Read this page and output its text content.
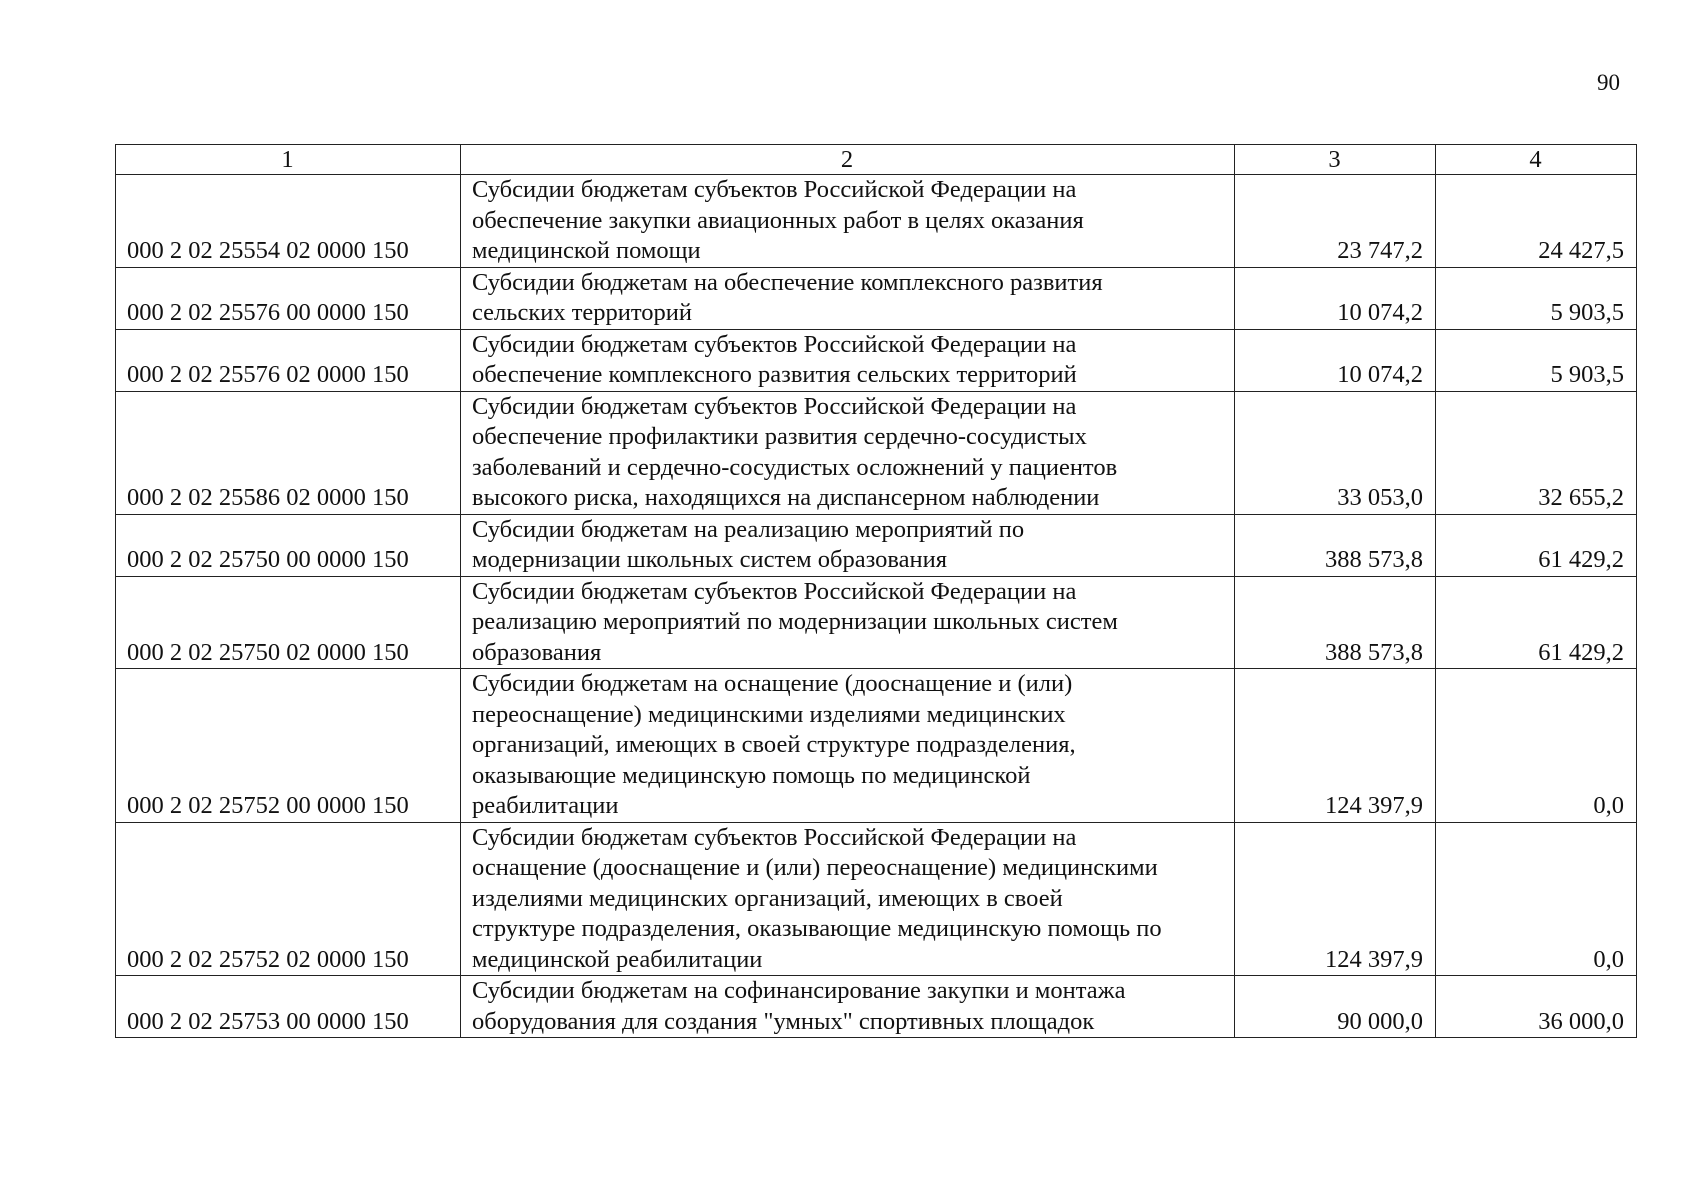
90
1	2	3	4
000 2 02 25554 02 0000 150	Субсидии бюджетам субъектов Российской Федерации на
обеспечение закупки авиационных работ в целях оказания
медицинской помощи	23 747,2	24 427,5
000 2 02 25576 00 0000 150	Субсидии бюджетам на обеспечение комплексного развития
сельских территорий	10 074,2	5 903,5
000 2 02 25576 02 0000 150	Субсидии бюджетам субъектов Российской Федерации на
обеспечение комплексного развития сельских территорий	10 074,2	5 903,5
000 2 02 25586 02 0000 150	Субсидии бюджетам субъектов Российской Федерации на
обеспечение профилактики развития сердечно-сосудистых
заболеваний и сердечно-сосудистых осложнений у пациентов
высокого риска, находящихся на диспансерном наблюдении	33 053,0	32 655,2
000 2 02 25750 00 0000 150	Субсидии бюджетам на реализацию мероприятий по
модернизации школьных систем образования	388 573,8	61 429,2
000 2 02 25750 02 0000 150	Субсидии бюджетам субъектов Российской Федерации на
реализацию мероприятий по модернизации школьных систем
образования	388 573,8	61 429,2
000 2 02 25752 00 0000 150	Субсидии бюджетам на оснащение (дооснащение и (или)
переоснащение) медицинскими изделиями медицинских
организаций, имеющих в своей структуре подразделения,
оказывающие медицинскую помощь по медицинской
реабилитации	124 397,9	0,0
000 2 02 25752 02 0000 150	Субсидии бюджетам субъектов Российской Федерации на
оснащение (дооснащение и (или) переоснащение) медицинскими
изделиями медицинских организаций, имеющих в своей
структуре подразделения, оказывающие медицинскую помощь по
медицинской реабилитации	124 397,9	0,0
000 2 02 25753 00 0000 150	Субсидии бюджетам на софинансирование закупки и монтажа
оборудования для создания "умных" спортивных площадок	90 000,0	36 000,0
